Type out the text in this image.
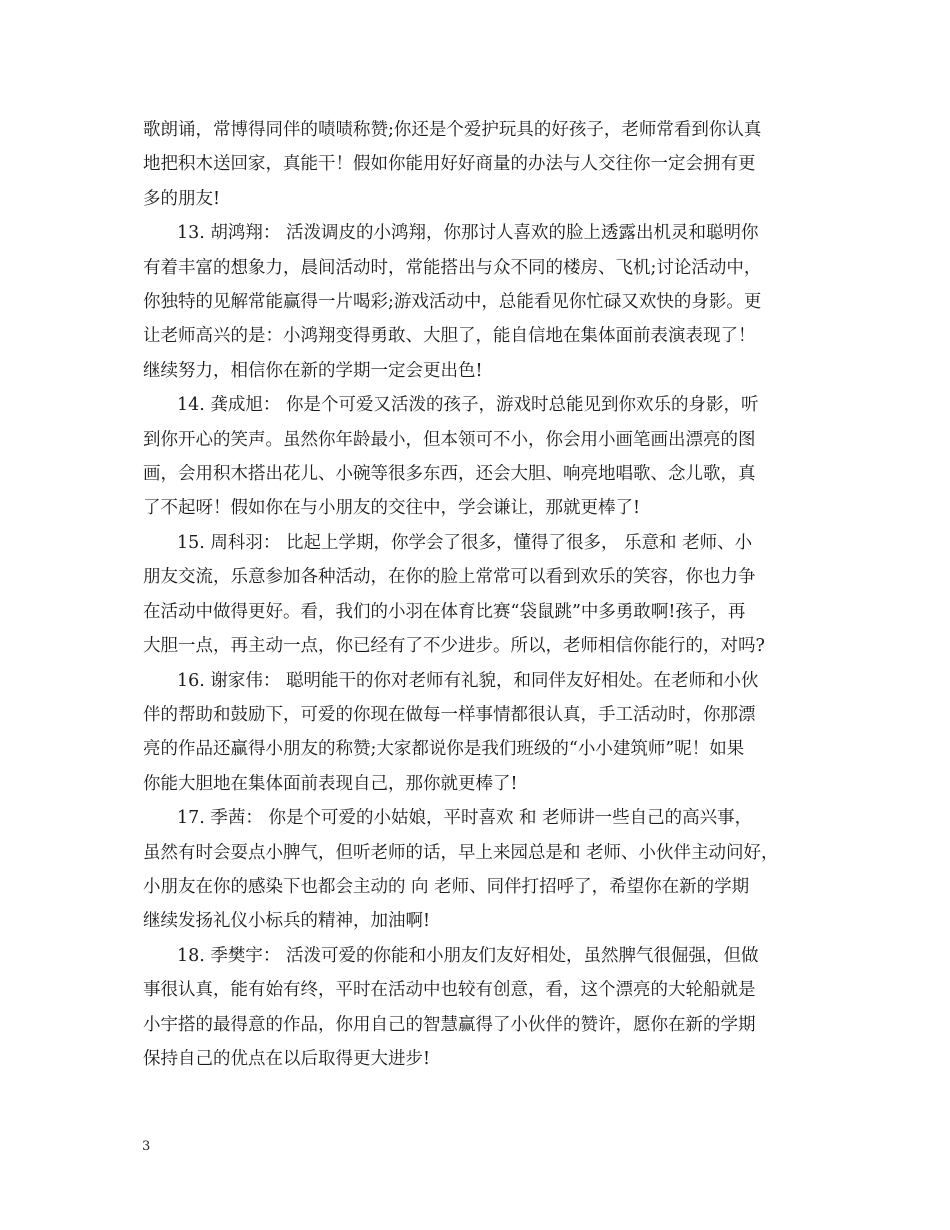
歌朗诵，常博得同伴的啧啧称赞;你还是个爱护玩具的好孩子，老师常看到你认真
地把积木送回家，真能干！假如你能用好好商量的办法与人交往你一定会拥有更
多的朋友!

13. 胡鸿翔： 活泼调皮的小鸿翔，你那讨人喜欢的脸上透露出机灵和聪明你
有着丰富的想象力，晨间活动时，常能搭出与众不同的楼房、飞机;讨论活动中，
你独特的见解常能赢得一片喝彩;游戏活动中，总能看见你忙碌又欢快的身影。更
让老师高兴的是：小鸿翔变得勇敢、大胆了，能自信地在集体面前表演表现了！
继续努力，相信你在新的学期一定会更出色!

14. 龚成旭： 你是个可爱又活泼的孩子，游戏时总能见到你欢乐的身影，听
到你开心的笑声。虽然你年龄最小，但本领可不小，你会用小画笔画出漂亮的图
画，会用积木搭出花儿、小碗等很多东西，还会大胆、响亮地唱歌、念儿歌，真
了不起呀！假如你在与小朋友的交往中，学会谦让，那就更棒了!

15. 周科羽： 比起上学期，你学会了很多，懂得了很多， 乐意和 老师、小
朋友交流，乐意参加各种活动，在你的脸上常常可以看到欢乐的笑容，你也力争
在活动中做得更好。看，我们的小羽在体育比赛“袋鼠跳”中多勇敢啊!孩子，再
大胆一点，再主动一点，你已经有了不少进步。所以，老师相信你能行的，对吗?

16. 谢家伟： 聪明能干的你对老师有礼貌，和同伴友好相处。在老师和小伙
伴的帮助和鼓励下，可爱的你现在做每一样事情都很认真，手工活动时，你那漂
亮的作品还赢得小朋友的称赞;大家都说你是我们班级的“小小建筑师”呢！如果
你能大胆地在集体面前表现自己，那你就更棒了!

17. 季茜： 你是个可爱的小姑娘，平时喜欢 和 老师讲一些自己的高兴事，
虽然有时会耍点小脾气，但听老师的话，早上来园总是和 老师、小伙伴主动问好，
小朋友在你的感染下也都会主动的 向 老师、同伴打招呼了，希望你在新的学期
继续发扬礼仪小标兵的精神，加油啊!

18. 季樊宇： 活泼可爱的你能和小朋友们友好相处，虽然脾气很倔强，但做
事很认真，能有始有终，平时在活动中也较有创意，看，这个漂亮的大轮船就是
小宇搭的最得意的作品，你用自己的智慧赢得了小伙伴的赞许，愿你在新的学期
保持自己的优点在以后取得更大进步!

3
